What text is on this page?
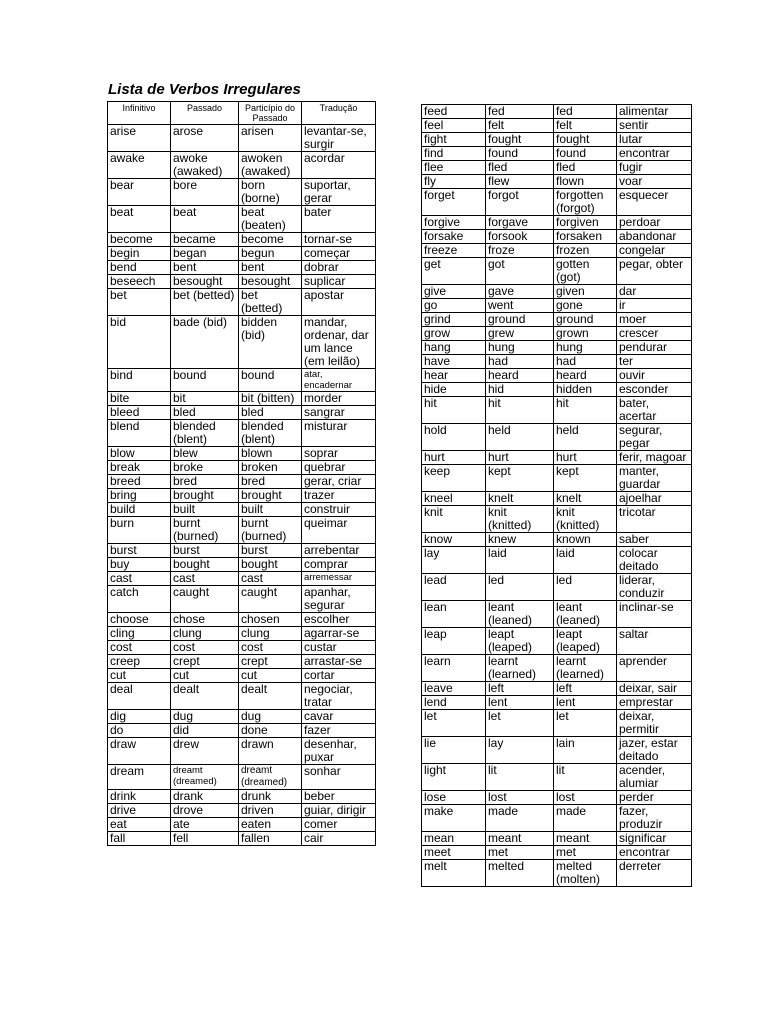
Lista de Verbos Irregulares
Infinitivo	Passado	Particípio do Passado	Tradução
arise	arose	arisen	levantar-se, surgir
awake	awoke (awaked)	awoken (awaked)	acordar
bear	bore	born (borne)	suportar, gerar
beat	beat	beat (beaten)	bater
become	became	become	tornar-se
begin	began	begun	começar
bend	bent	bent	dobrar
beseech	besought	besought	suplicar
bet	bet (betted)	bet (betted)	apostar
bid	bade (bid)	bidden (bid)	mandar, ordenar, dar um lance (em leilão)
bind	bound	bound	atar, encadernar
bite	bit	bit (bitten)	morder
bleed	bled	bled	sangrar
blend	blended (blent)	blended (blent)	misturar
blow	blew	blown	soprar
break	broke	broken	quebrar
breed	bred	bred	gerar, criar
bring	brought	brought	trazer
build	built	built	construir
burn	burnt (burned)	burnt (burned)	queimar
burst	burst	burst	arrebentar
buy	bought	bought	comprar
cast	cast	cast	arremessar
catch	caught	caught	apanhar, segurar
choose	chose	chosen	escolher
cling	clung	clung	agarrar-se
cost	cost	cost	custar
creep	crept	crept	arrastar-se
cut	cut	cut	cortar
deal	dealt	dealt	negociar, tratar
dig	dug	dug	cavar
do	did	done	fazer
draw	drew	drawn	desenhar, puxar
dream	dreamt (dreamed)	dreamt (dreamed)	sonhar
drink	drank	drunk	beber
drive	drove	driven	guiar, dirigir
eat	ate	eaten	comer
fall	fell	fallen	cair
feed	fed	fed	alimentar
feel	felt	felt	sentir
fight	fought	fought	lutar
find	found	found	encontrar
flee	fled	fled	fugir
fly	flew	flown	voar
forget	forgot	forgotten (forgot)	esquecer
forgive	forgave	forgiven	perdoar
forsake	forsook	forsaken	abandonar
freeze	froze	frozen	congelar
get	got	gotten (got)	pegar, obter
give	gave	given	dar
go	went	gone	ir
grind	ground	ground	moer
grow	grew	grown	crescer
hang	hung	hung	pendurar
have	had	had	ter
hear	heard	heard	ouvir
hide	hid	hidden	esconder
hit	hit	hit	bater, acertar
hold	held	held	segurar, pegar
hurt	hurt	hurt	ferir, magoar
keep	kept	kept	manter, guardar
kneel	knelt	knelt	ajoelhar
knit	knit (knitted)	knit (knitted)	tricotar
know	knew	known	saber
lay	laid	laid	colocar deitado
lead	led	led	liderar, conduzir
lean	leant (leaned)	leant (leaned)	inclinar-se
leap	leapt (leaped)	leapt (leaped)	saltar
learn	learnt (learned)	learnt (learned)	aprender
leave	left	left	deixar, sair
lend	lent	lent	emprestar
let	let	let	deixar, permitir
lie	lay	lain	jazer, estar deitado
light	lit	lit	acender, alumiar
lose	lost	lost	perder
make	made	made	fazer, produzir
mean	meant	meant	significar
meet	met	met	encontrar
melt	melted	melted (molten)	derreter
